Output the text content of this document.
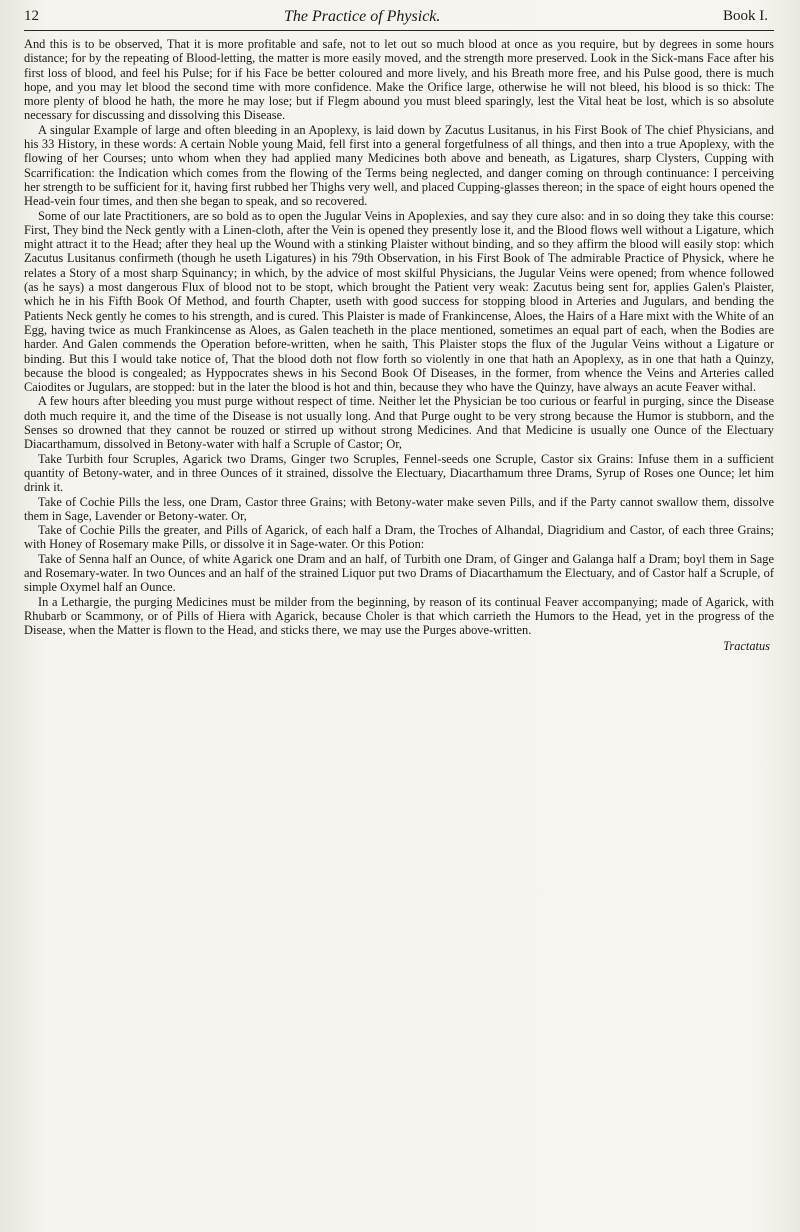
12	The Practice of Physick.	Book I.

And this is to be observed, That it is more profitable and safe, not to let out so much blood at once as you require, but by degrees in some hours distance; for by the repeating of Blood-letting, the matter is more easily moved, and the strength more preserved. Look in the Sick-mans Face after his first loss of blood, and feel his Pulse; for if his Face be better coloured and more lively, and his Breath more free, and his Pulse good, there is much hope, and you may let blood the second time with more confidence. Make the Orifice large, otherwise he will not bleed, his blood is so thick: The more plenty of blood he hath, the more he may lose; but if Flegm abound you must bleed sparingly, lest the Vital heat be lost, which is so absolute necessary for discussing and dissolving this Disease.

A singular Example of large and often bleeding in an Apoplexy, is laid down by Zacutus Lusitanus, in his First Book of The chief Physicians, and his 33 History, in these words: A certain Noble young Maid, fell first into a general forgetfulness of all things, and then into a true Apoplexy, with the flowing of her Courses; unto whom when they had applied many Medicines both above and beneath, as Ligatures, sharp Clysters, Cupping with Scarrification: the Indication which comes from the flowing of the Terms being neglected, and danger coming on through continuance: I perceiving her strength to be sufficient for it, having first rubbed her Thighs very well, and placed Cupping-glasses thereon; in the space of eight hours opened the Head-vein four times, and then she began to speak, and so recovered.

Some of our late Practitioners, are so bold as to open the Jugular Veins in Apoplexies, and say they cure also: and in so doing they take this course: First, They bind the Neck gently with a Linen-cloth, after the Vein is opened they presently lose it, and the Blood flows well without a Ligature, which might attract it to the Head; after they heal up the Wound with a stinking Plaister without binding, and so they affirm the blood will easily stop: which Zacutus Lusitanus confirmeth (though he useth Ligatures) in his 79th Observation, in his First Book of The admirable Practice of Physick, where he relates a Story of a most sharp Squinancy; in which, by the advice of most skilful Physicians, the Jugular Veins were opened; from whence followed (as he says) a most dangerous Flux of blood not to be stopt, which brought the Patient very weak: Zacutus being sent for, applies Galen's Plaister, which he in his Fifth Book Of Method, and fourth Chapter, useth with good success for stopping blood in Arteries and Jugulars, and bending the Patients Neck gently he comes to his strength, and is cured. This Plaister is made of Frankincense, Aloes, the Hairs of a Hare mixt with the White of an Egg, having twice as much Frankincense as Aloes, as Galen teacheth in the place mentioned, sometimes an equal part of each, when the Bodies are harder. And Galen commends the Operation before-written, when he saith, This Plaister stops the flux of the Jugular Veins without a Ligature or binding. But this I would take notice of, That the blood doth not flow forth so violently in one that hath an Apoplexy, as in one that hath a Quinzy, because the blood is congealed; as Hyppocrates shews in his Second Book Of Diseases, in the former, from whence the Veins and Arteries called Caiodites or Jugulars, are stopped: but in the later the blood is hot and thin, because they who have the Quinzy, have always an acute Feaver withal.

A few hours after bleeding you must purge without respect of time. Neither let the Physician be too curious or fearful in purging, since the Disease doth much require it, and the time of the Disease is not usually long. And that Purge ought to be very strong because the Humor is stubborn, and the Senses so drowned that they cannot be rouzed or stirred up without strong Medicines. And that Medicine is usually one Ounce of the Electuary Diacarthamum, dissolved in Betony-water with half a Scruple of Castor; Or,

Take Turbith four Scruples, Agarick two Drams, Ginger two Scruples, Fennel-seeds one Scruple, Castor six Grains: Infuse them in a sufficient quantity of Betony-water, and in three Ounces of it strained, dissolve the Electuary, Diacarthamum three Drams, Syrup of Roses one Ounce; let him drink it.

Take of Cochie Pills the less, one Dram, Castor three Grains; with Betony-water make seven Pills, and if the Party cannot swallow them, dissolve them in Sage, Lavender or Betony-water. Or,

Take of Cochie Pills the greater, and Pills of Agarick, of each half a Dram, the Troches of Alhandal, Diagridium and Castor, of each three Grains; with Honey of Rosemary make Pills, or dissolve it in Sage-water. Or this Potion:

Take of Senna half an Ounce, of white Agarick one Dram and an half, of Turbith one Dram, of Ginger and Galanga half a Dram; boyl them in Sage and Rosemary-water. In two Ounces and an half of the strained Liquor put two Drams of Diacarthamum the Electuary, and of Castor half a Scruple, of simple Oxymel half an Ounce.

In a Lethargie, the purging Medicines must be milder from the beginning, by reason of its continual Feaver accompanying; made of Agarick, with Rhubarb or Scammony, or of Pills of Hiera with Agarick, because Choler is that which carrieth the Humors to the Head, yet in the progress of the Disease, when the Matter is flown to the Head, and sticks there, we may use the Purges above-written.

Tractatus
